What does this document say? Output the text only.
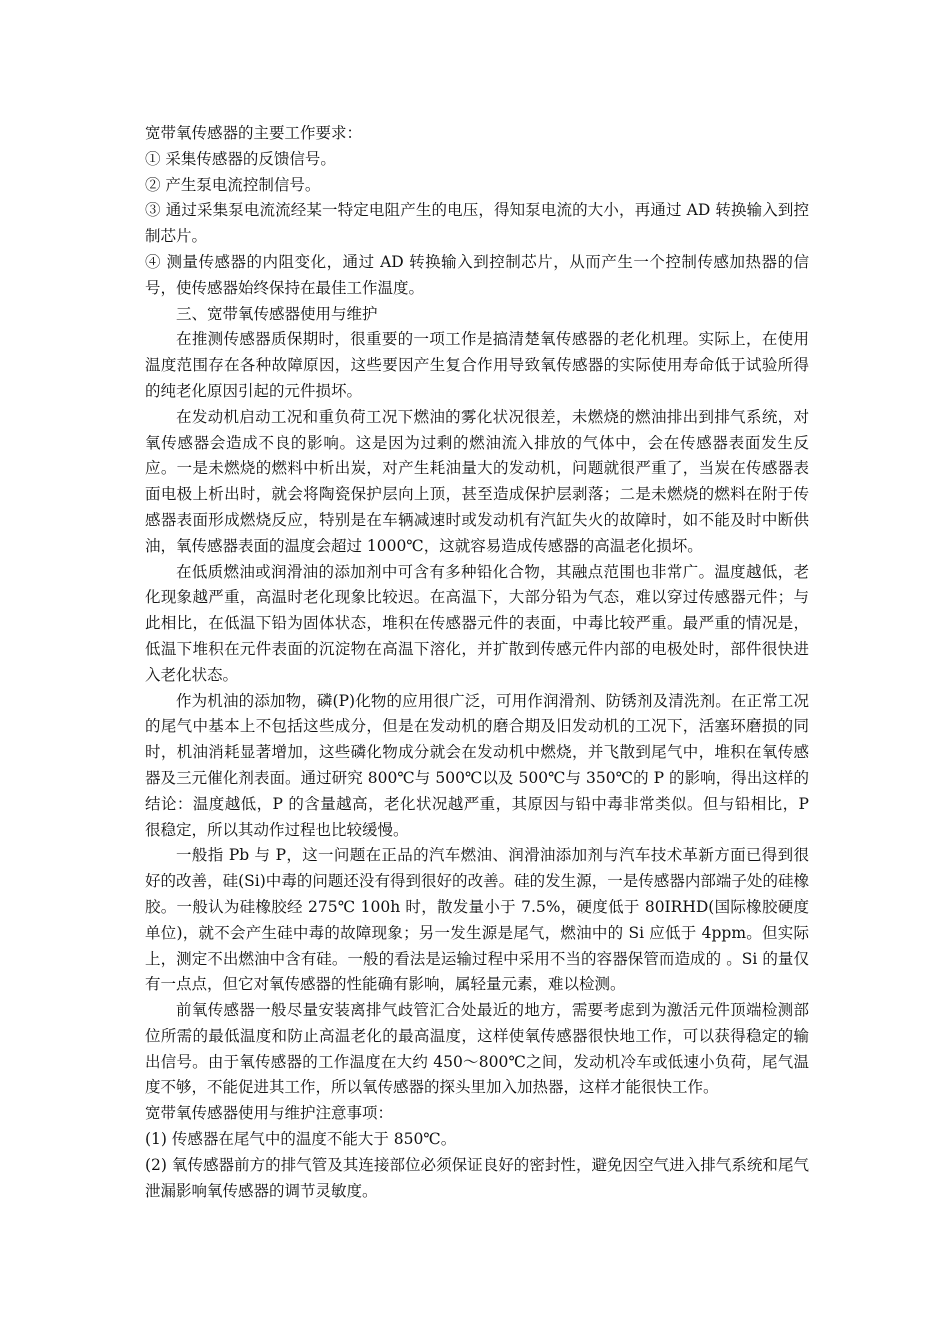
宽带氧传感器的主要工作要求：

① 采集传感器的反馈信号。

② 产生泵电流控制信号。

③ 通过采集泵电流流经某一特定电阻产生的电压，得知泵电流的大小，再通过 AD 转换输入到控制芯片。

④ 测量传感器的内阻变化，通过 AD 转换输入到控制芯片，从而产生一个控制传感加热器的信号，使传感器始终保持在最佳工作温度。

三、宽带氧传感器使用与维护

在推测传感器质保期时，很重要的一项工作是搞清楚氧传感器的老化机理。实际上，在使用温度范围存在各种故障原因，这些要因产生复合作用导致氧传感器的实际使用寿命低于试验所得的纯老化原因引起的元件损坏。

在发动机启动工况和重负荷工况下燃油的雾化状况很差，未燃烧的燃油排出到排气系统，对氧传感器会造成不良的影响。这是因为过剩的燃油流入排放的气体中，会在传感器表面发生反应。一是未燃烧的燃料中析出炭，对产生耗油量大的发动机，问题就很严重了，当炭在传感器表面电极上析出时，就会将陶瓷保护层向上顶，甚至造成保护层剥落；二是未燃烧的燃料在附于传感器表面形成燃烧反应，特别是在车辆减速时或发动机有汽缸失火的故障时，如不能及时中断供油，氧传感器表面的温度会超过 1000℃，这就容易造成传感器的高温老化损坏。

在低质燃油或润滑油的添加剂中可含有多种铅化合物，其融点范围也非常广。温度越低，老化现象越严重，高温时老化现象比较迟。在高温下，大部分铅为气态，难以穿过传感器元件；与此相比，在低温下铅为固体状态，堆积在传感器元件的表面，中毒比较严重。最严重的情况是，低温下堆积在元件表面的沉淀物在高温下溶化，并扩散到传感元件内部的电极处时，部件很快进入老化状态。

作为机油的添加物，磷(P)化物的应用很广泛，可用作润滑剂、防锈剂及清洗剂。在正常工况的尾气中基本上不包括这些成分，但是在发动机的磨合期及旧发动机的工况下，活塞环磨损的同时，机油消耗显著增加，这些磷化物成分就会在发动机中燃烧，并飞散到尾气中，堆积在氧传感器及三元催化剂表面。通过研究 800℃与 500℃以及 500℃与 350℃的 P 的影响，得出这样的结论：温度越低，P 的含量越高，老化状况越严重，其原因与铅中毒非常类似。但与铅相比，P 很稳定，所以其动作过程也比较缓慢。

一般指 Pb 与 P，这一问题在正品的汽车燃油、润滑油添加剂与汽车技术革新方面已得到很好的改善，硅(Si)中毒的问题还没有得到很好的改善。硅的发生源，一是传感器内部端子处的硅橡胶。一般认为硅橡胶经 275℃ 100h 时，散发量小于 7.5%，硬度低于 80IRHD(国际橡胶硬度单位)，就不会产生硅中毒的故障现象；另一发生源是尾气，燃油中的 Si 应低于 4ppm。但实际上，测定不出燃油中含有硅。一般的看法是运输过程中采用不当的容器保管而造成的 。Si 的量仅有一点点，但它对氧传感器的性能确有影响，属轻量元素，难以检测。

前氧传感器一般尽量安装离排气歧管汇合处最近的地方，需要考虑到为激活元件顶端检测部位所需的最低温度和防止高温老化的最高温度，这样使氧传感器很快地工作，可以获得稳定的输出信号。由于氧传感器的工作温度在大约 450～800℃之间，发动机冷车或低速小负荷，尾气温度不够，不能促进其工作，所以氧传感器的探头里加入加热器，这样才能很快工作。

宽带氧传感器使用与维护注意事项：

(1) 传感器在尾气中的温度不能大于 850℃。

(2) 氧传感器前方的排气管及其连接部位必须保证良好的密封性，避免因空气进入排气系统和尾气泄漏影响氧传感器的调节灵敏度。
